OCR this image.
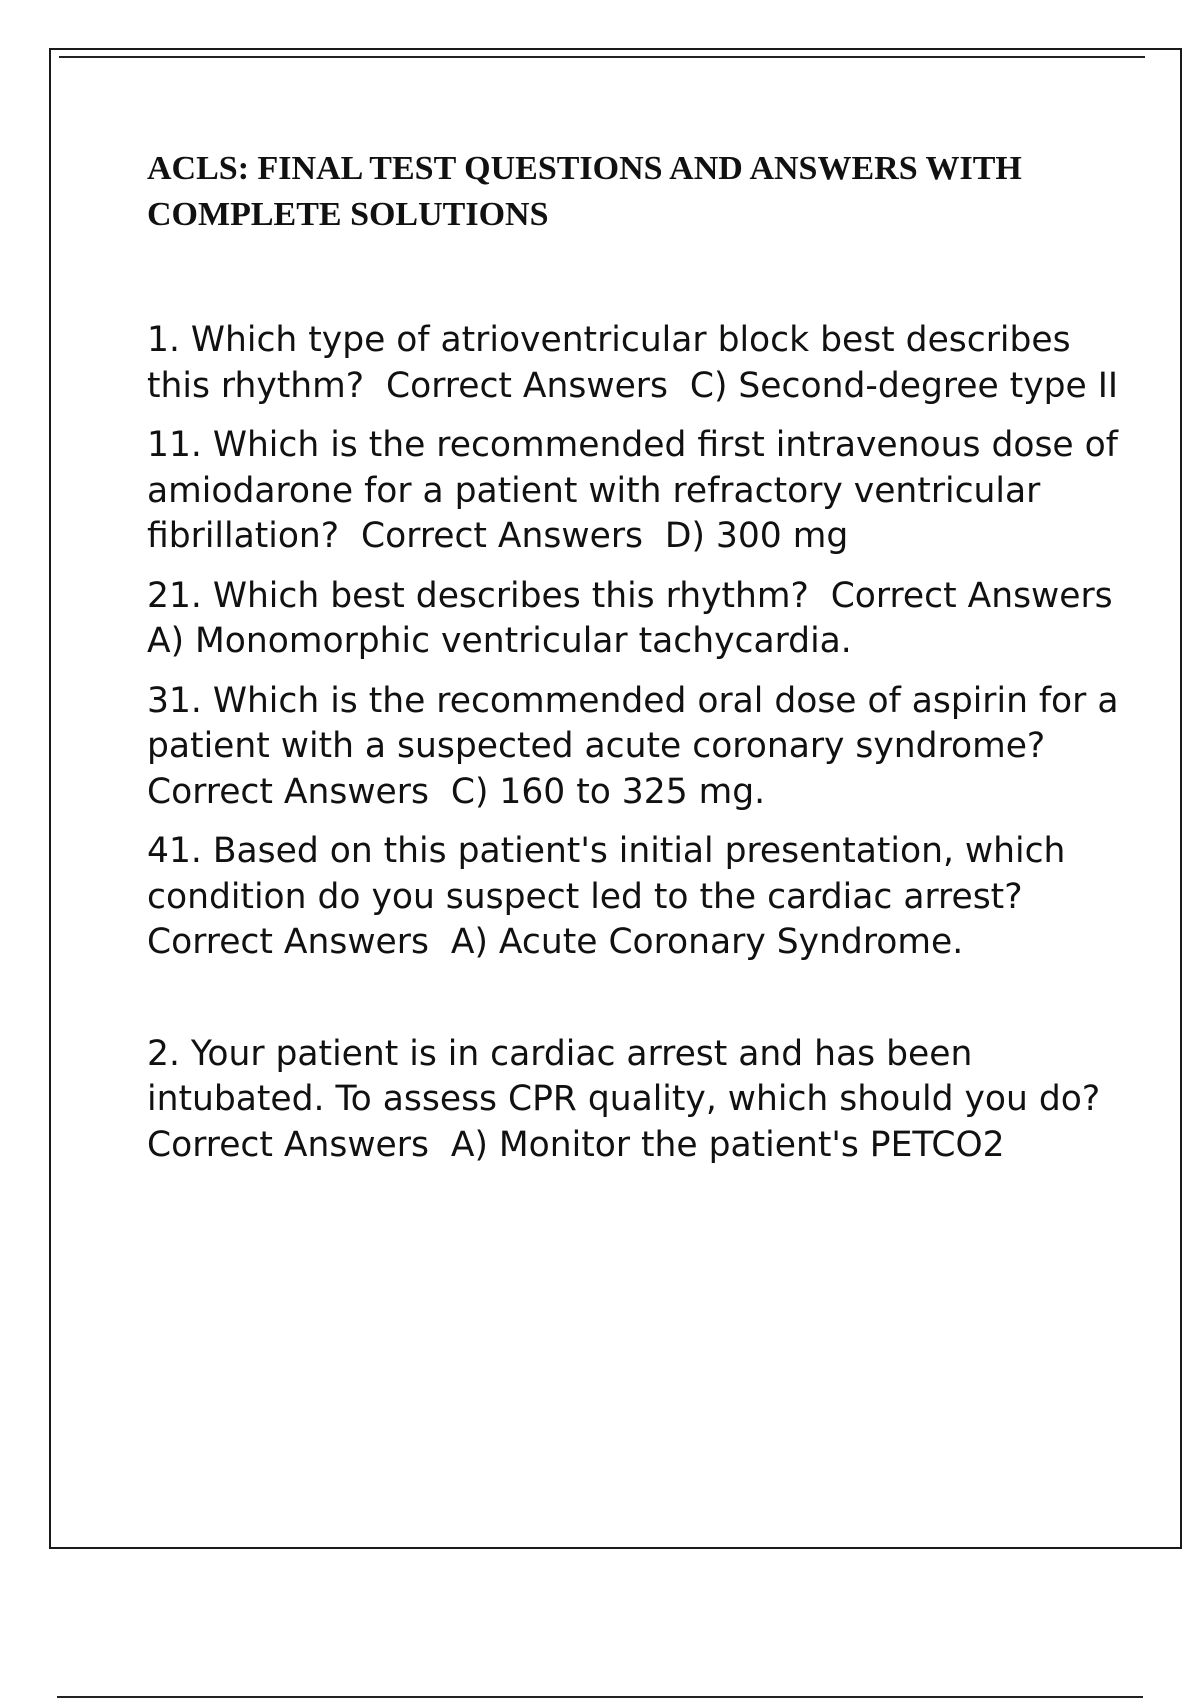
ACLS: FINAL TEST QUESTIONS AND ANSWERS WITH COMPLETE SOLUTIONS

1. Which type of atrioventricular block best describes this rhythm?  Correct Answers  C) Second-degree type II

11. Which is the recommended first intravenous dose of amiodarone for a patient with refractory ventricular fibrillation?  Correct Answers  D) 300 mg

21. Which best describes this rhythm?  Correct Answers  A) Monomorphic ventricular tachycardia.

31. Which is the recommended oral dose of aspirin for a patient with a suspected acute coronary syndrome?  Correct Answers  C) 160 to 325 mg.

41. Based on this patient's initial presentation, which condition do you suspect led to the cardiac arrest?  Correct Answers  A) Acute Coronary Syndrome.

2. Your patient is in cardiac arrest and has been intubated. To assess CPR quality, which should you do?  Correct Answers  A) Monitor the patient's PETCO2
